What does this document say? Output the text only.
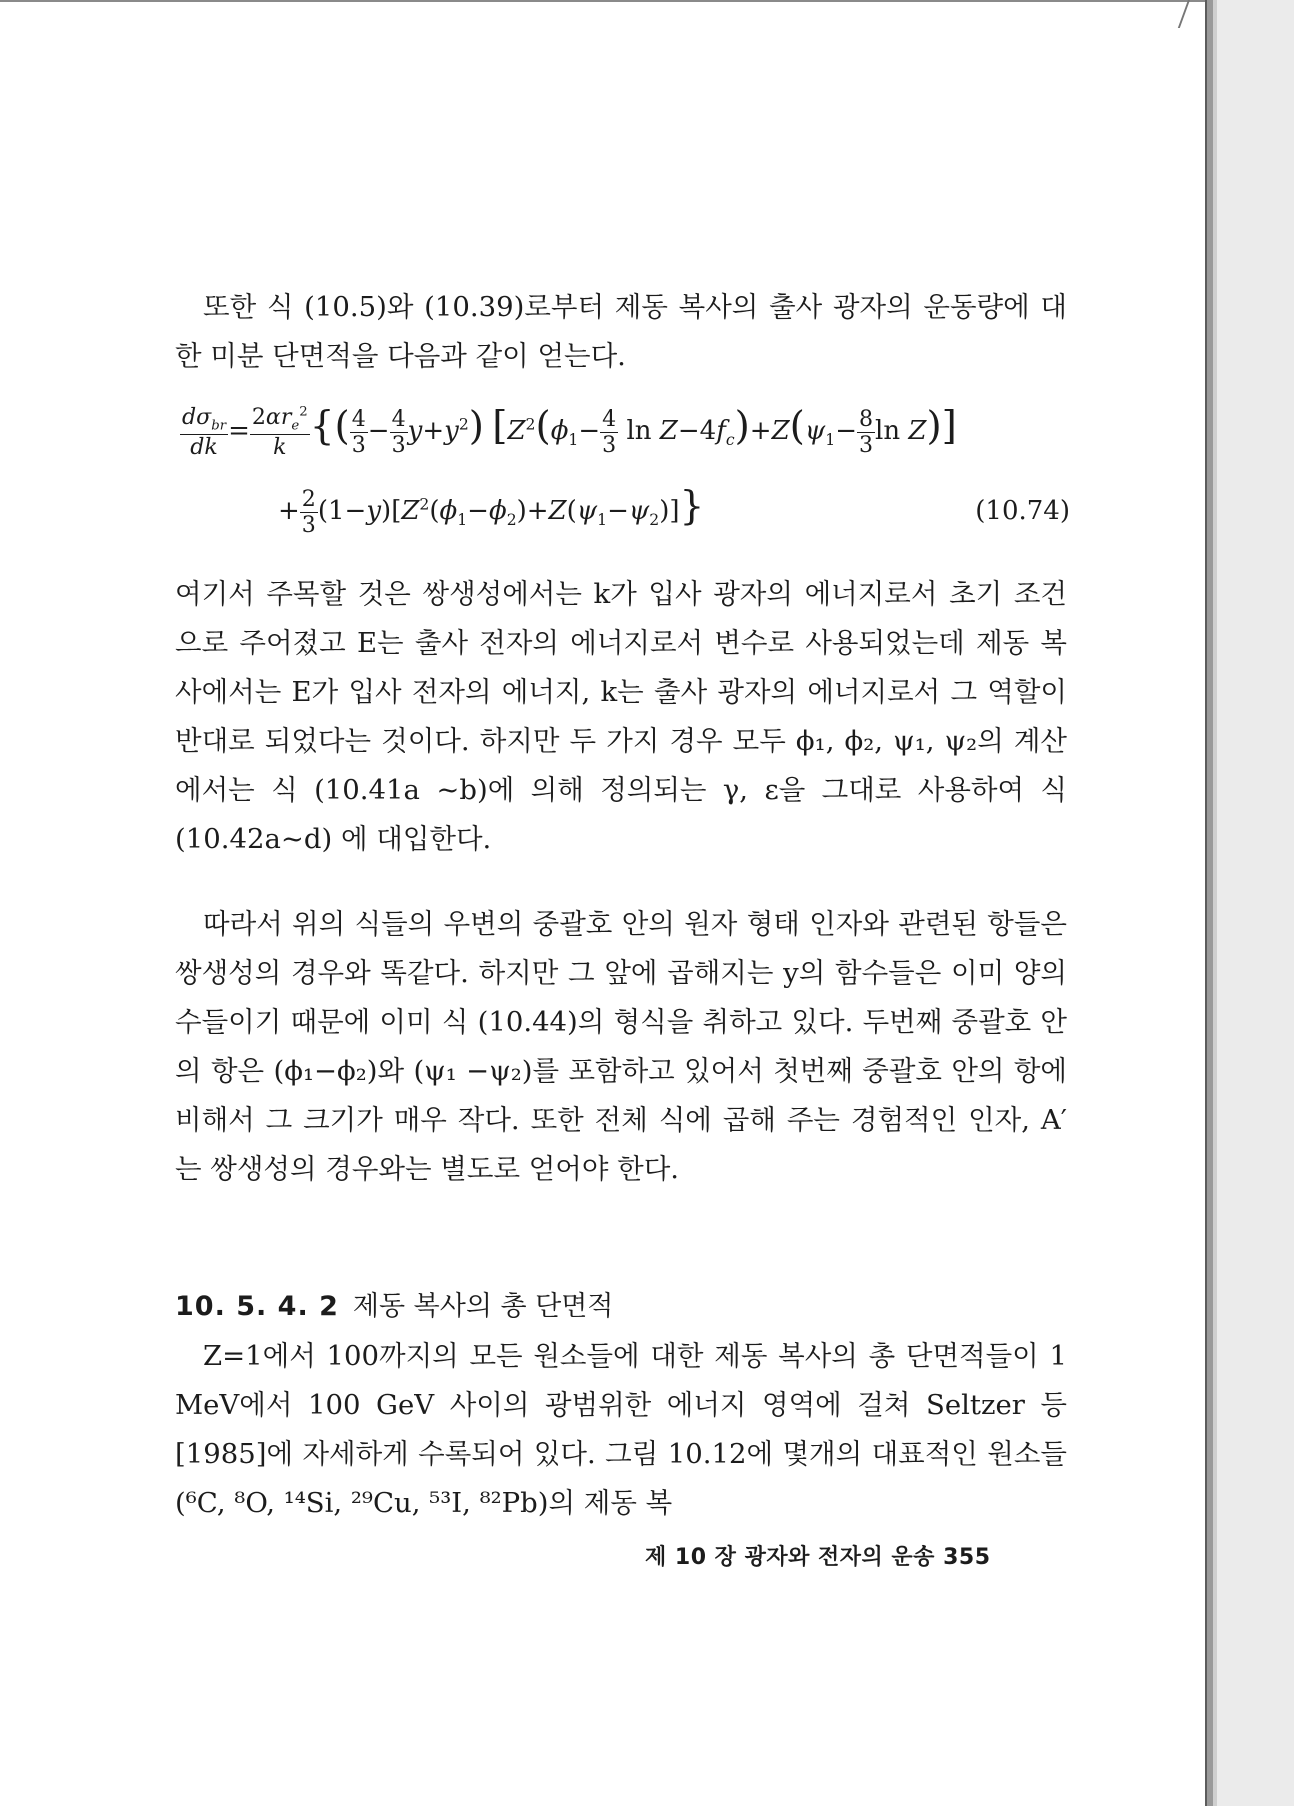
또한 식 (10.5)와 (10.39)로부터 제동 복사의 출사 광자의 운동량에 대한 미분 단면적을 다음과 같이 얻는다.

$\frac{d\sigma_{br}}{dk} = \frac{2\alpha r_e^2}{k}$ {( $\frac{4}{3} - \frac{4}{3} y+y^2$) [$Z^2(\phi_1- \frac{4}{3}$ $\ln Z-4f_c)+Z(\psi_1- \frac{8}{3}$ ln Z)]
+ $\frac{2}{3} (1-y)[Z^2(\phi_1-\phi_2)+Z(\psi_1-\psi_2)]$}	(10.74)

여기서 주목할 것은 쌍생성에서는 k가 입사 광자의 에너지로서 초기 조건으로 주어졌고 E는 출사 전자의 에너지로서 변수로 사용되었는데 제동 복사에서는 E가 입사 전자의 에너지, k는 출사 광자의 에너지로서 그 역할이 반대로 되었다는 것이다. 하지만 두 가지 경우 모두 ϕ₁, ϕ₂, ψ₁, ψ₂의 계산에서는 식 (10.41a ~b)에 의해 정의되는 γ, ε을 그대로 사용하여 식 (10.42a~d) 에 대입한다.

따라서 위의 식들의 우변의 중괄호 안의 원자 형태 인자와 관련된 항들은 쌍생성의 경우와 똑같다. 하지만 그 앞에 곱해지는 y의 함수들은 이미 양의 수들이기 때문에 이미 식 (10.44)의 형식을 취하고 있다. 두번째 중괄호 안의 항은 (ϕ₁−ϕ₂)와 (ψ₁ −ψ₂)를 포함하고 있어서 첫번째 중괄호 안의 항에 비해서 그 크기가 매우 작다. 또한 전체 식에 곱해 주는 경험적인 인자, A′ 는 쌍생성의 경우와는 별도로 얻어야 한다.

10. 5. 4. 2 제동 복사의 총 단면적

Z=1에서 100까지의 모든 원소들에 대한 제동 복사의 총 단면적들이 1 MeV에서 100 GeV 사이의 광범위한 에너지 영역에 걸쳐 Seltzer 등[1985]에 자세하게 수록되어 있다. 그림 10.12에 몇개의 대표적인 원소들(⁶C, ⁸O, ¹⁴Si, ²⁹Cu, ⁵³I, ⁸²Pb)의 제동 복

제 10 장 광자와 전자의 운송 355
